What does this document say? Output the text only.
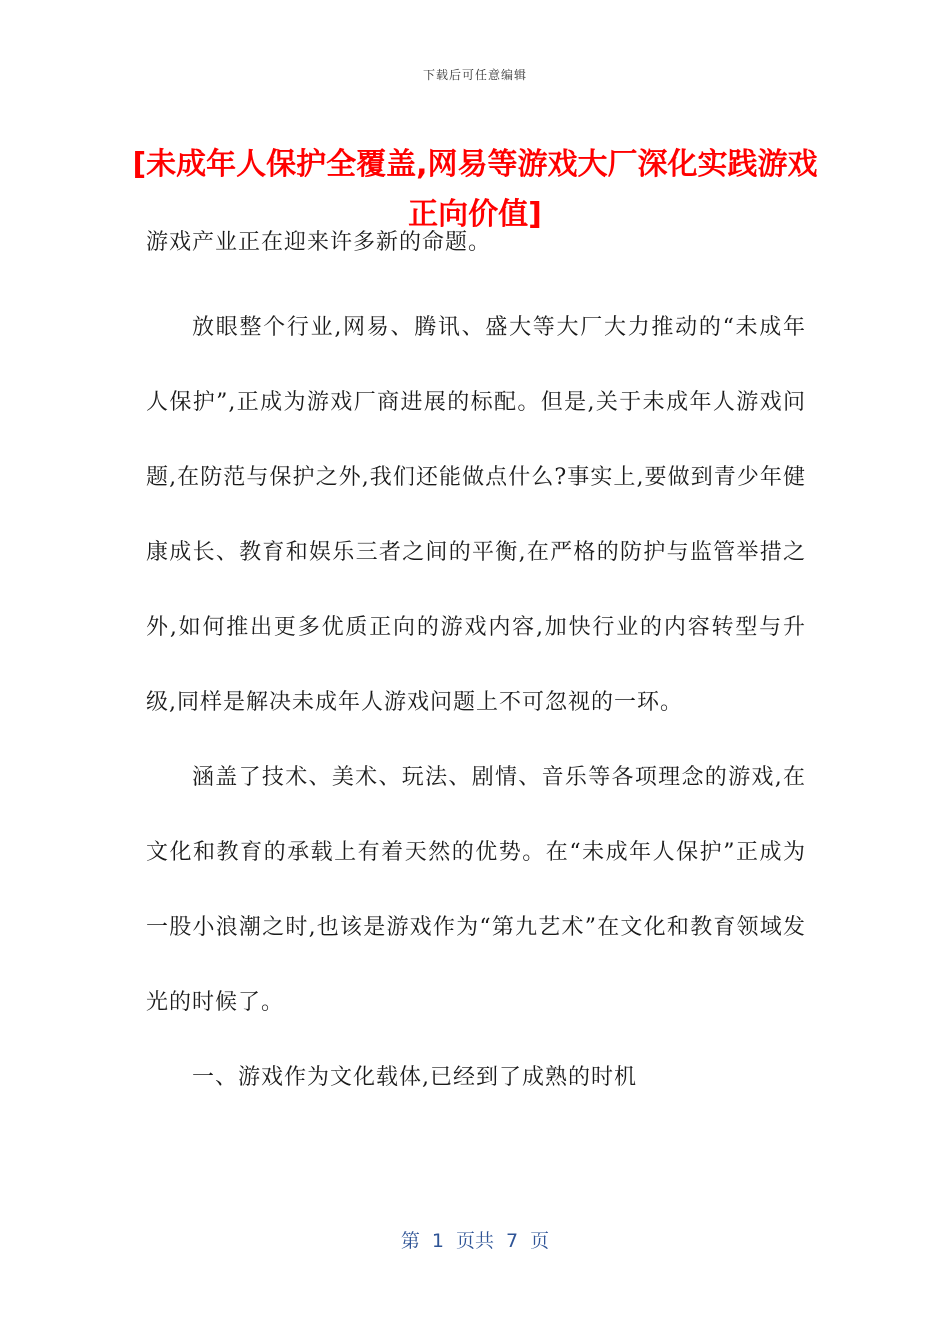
下载后可任意编辑
[未成年人保护全覆盖,网易等游戏大厂深化实践游戏正向价值]

游戏产业正在迎来许多新的命题。

放眼整个行业,网易、腾讯、盛大等大厂大力推动的“未成年人保护”,正成为游戏厂商进展的标配。但是,关于未成年人游戏问题,在防范与保护之外,我们还能做点什么?事实上,要做到青少年健康成长、教育和娱乐三者之间的平衡,在严格的防护与监管举措之外,如何推出更多优质正向的游戏内容,加快行业的内容转型与升级,同样是解决未成年人游戏问题上不可忽视的一环。

涵盖了技术、美术、玩法、剧情、音乐等各项理念的游戏,在文化和教育的承载上有着天然的优势。在“未成年人保护”正成为一股小浪潮之时,也该是游戏作为“第九艺术”在文化和教育领域发光的时候了。

一、游戏作为文化载体,已经到了成熟的时机

第 1 页共 7 页
